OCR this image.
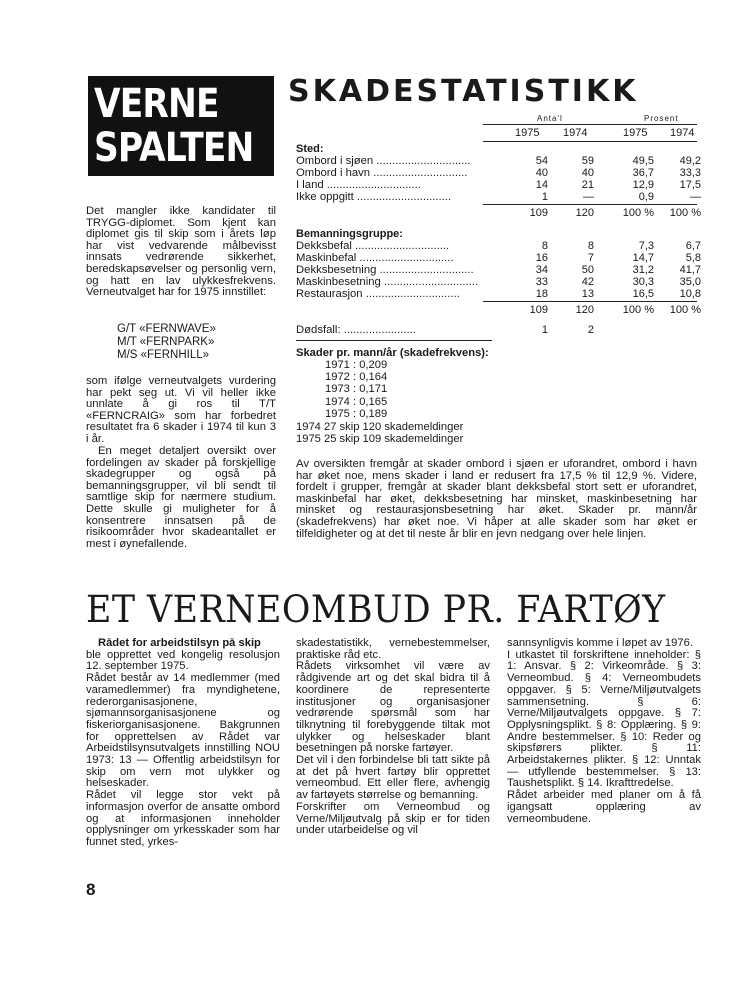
VERNE
SPALTEN
SKADESTATISTIKK
Det mangler ikke kandidater til TRYGG-diplomet. Som kjent kan diplomet gis til skip som i årets løp har vist vedvarende målbevisst innsats vedrørende sikkerhet, beredskapsøvelser og personlig vern, og hatt en lav ulykkesfrekvens. Verneutvalget har for 1975 innstillet:
G/T «FERNWAVE»
M/T «FERNPARK»
M/S «FERNHILL»
som ifølge verneutvalgets vurdering har pekt seg ut. Vi vil heller ikke unnlate å gi ros til T/T «FERNCRAIG» som har forbedret resultatet fra 6 skader i 1974 til kun 3 i år.
En meget detaljert oversikt over fordelingen av skader på forskjellige skadegrupper og også på bemanningsgrupper, vil bli sendt til samtlige skip for nærmere studium. Dette skulle gi muligheter for å konsentrere innsatsen på de risikoområder hvor skadeantallet er mest i øynefallende.
Anta'l	Prosent
1975 1974	1975 1974
Sted:
Ombord i sjøen ..............................	54	59	49,5	49,2
Ombord i havn ..............................	40	40	36,7	33,3
I land ..............................	14	21	12,9	17,5
Ikke oppgitt ..............................	1	—	0,9	—
109	120	100 %	100 %
Bemanningsgruppe:
Dekksbefal ..............................	8	8	7,3	6,7
Maskinbefal ..............................	16	7	14,7	5,8
Dekksbesetning ..............................	34	50	31,2	41,7
Maskinbesetning ..............................	33	42	30,3	35,0
Restaurasjon ..............................	18	13	16,5	10,8
109	120	100 %	100 %
Dødsfall: .......................	1	2
Skader pr. mann/år (skadefrekvens):
1971 : 0,209
1972 : 0,164
1973 : 0,171
1974 : 0,165
1975 : 0,189
1974 27 skip 120 skademeldinger
1975 25 skip 109 skademeldinger
Av oversikten fremgår at skader ombord i sjøen er uforandret, ombord i havn har øket noe, mens skader i land er redusert fra 17,5 % til 12,9 %. Videre, fordelt i grupper, fremgår at skader blant dekksbefal stort sett er uforandret, maskinbefal har øket, dekksbesetning har minsket, maskinbesetning har minsket og restaurasjonsbesetning har øket. Skader pr. mann/år (skadefrekvens) har øket noe. Vi håper at alle skader som har øket er tilfeldigheter og at det til neste år blir en jevn nedgang over hele linjen.
ET VERNEOMBUD PR. FARTØY
Rådet for arbeidstilsyn på skip
ble opprettet ved kongelig resolusjon 12. september 1975.
Rådet består av 14 medlemmer (med varamedlemmer) fra myndighetene, rederorganisasjonene, sjømannsorganisasjonene og fiskeriorganisasjonene. Bakgrunnen for opprettelsen av Rådet var Arbeidstilsynsutvalgets innstilling NOU 1973: 13 — Offentlig arbeidstilsyn for skip om vern mot ulykker og helseskader.
Rådet vil legge stor vekt på informasjon overfor de ansatte ombord og at informasjonen inneholder opplysninger om yrkesskader som har funnet sted, yrkes-
skadestatistikk, vernebestemmelser, praktiske råd etc.
Rådets virksomhet vil være av rådgivende art og det skal bidra til å koordinere de representerte institusjoner og organisasjoner vedrørende spørsmål som har tilknytning til forebyggende tiltak mot ulykker og helseskader blant besetningen på norske fartøyer.
Det vil i den forbindelse bli tatt sikte på at det på hvert fartøy blir opprettet verneombud. Ett eller flere, avhengig av fartøyets størrelse og bemanning.
Forskrifter om Verneombud og Verne/Miljøutvalg på skip er for tiden under utarbeidelse og vil
sannsynligvis komme i løpet av 1976.
I utkastet til forskriftene inneholder: § 1: Ansvar. § 2: Virkeområde. § 3: Verneombud. § 4: Verneombudets oppgaver. § 5: Verne/Miljøutvalgets sammensetning. § 6: Verne/Miljøutvalgets oppgave. § 7: Opplysningsplikt. § 8: Opplæring. § 9: Andre bestemmelser. § 10: Reder og skipsførers plikter. § 11: Arbeidstakernes plikter. § 12: Unntak — utfyllende bestemmelser. § 13: Taushetsplikt. § 14. Ikrafttredelse.
Rådet arbeider med planer om å få igangsatt opplæring av verneombudene.
8
